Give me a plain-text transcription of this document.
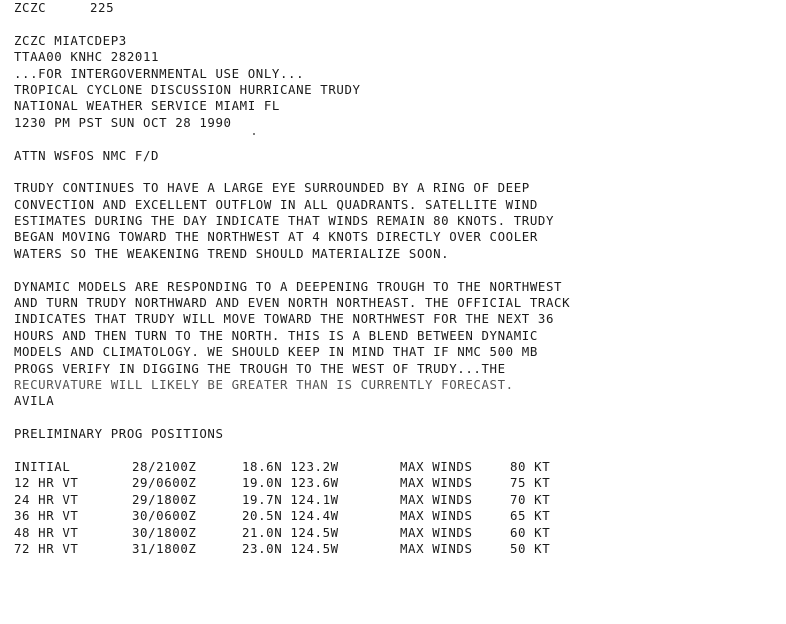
ZCZC	225
ZCZC MIATCDEP3
TTAA00 KNHC 282011
...FOR INTERGOVERNMENTAL USE ONLY...
TROPICAL CYCLONE DISCUSSION HURRICANE TRUDY
NATIONAL WEATHER SERVICE MIAMI FL
1230 PM PST SUN OCT 28 1990
ATTN WSFOS NMC F/D
TRUDY CONTINUES TO HAVE A LARGE EYE SURROUNDED BY A RING OF DEEP
CONVECTION AND EXCELLENT OUTFLOW IN ALL QUADRANTS. SATELLITE WIND
ESTIMATES DURING THE DAY INDICATE THAT WINDS REMAIN 80 KNOTS. TRUDY
BEGAN MOVING TOWARD THE NORTHWEST AT 4 KNOTS DIRECTLY OVER COOLER
WATERS SO THE WEAKENING TREND SHOULD MATERIALIZE SOON.
DYNAMIC MODELS ARE RESPONDING TO A DEEPENING TROUGH TO THE NORTHWEST
AND TURN TRUDY NORTHWARD AND EVEN NORTH NORTHEAST. THE OFFICIAL TRACK
INDICATES THAT TRUDY WILL MOVE TOWARD THE NORTHWEST FOR THE NEXT 36
HOURS AND THEN TURN TO THE NORTH. THIS IS A BLEND BETWEEN DYNAMIC
MODELS AND CLIMATOLOGY. WE SHOULD KEEP IN MIND THAT IF NMC 500 MB
PROGS VERIFY IN DIGGING THE TROUGH TO THE WEST OF TRUDY...THE
RECURVATURE WILL LIKELY BE GREATER THAN IS CURRENTLY FORECAST.
AVILA
PRELIMINARY PROG POSITIONS
INITIAL	28/2100Z	18.6N 123.2W	MAX WINDS	80 KT
12 HR VT	29/0600Z	19.0N 123.6W	MAX WINDS	75 KT
24 HR VT	29/1800Z	19.7N 124.1W	MAX WINDS	70 KT
36 HR VT	30/0600Z	20.5N 124.4W	MAX WINDS	65 KT
48 HR VT	30/1800Z	21.0N 124.5W	MAX WINDS	60 KT
72 HR VT	31/1800Z	23.0N 124.5W	MAX WINDS	50 KT
